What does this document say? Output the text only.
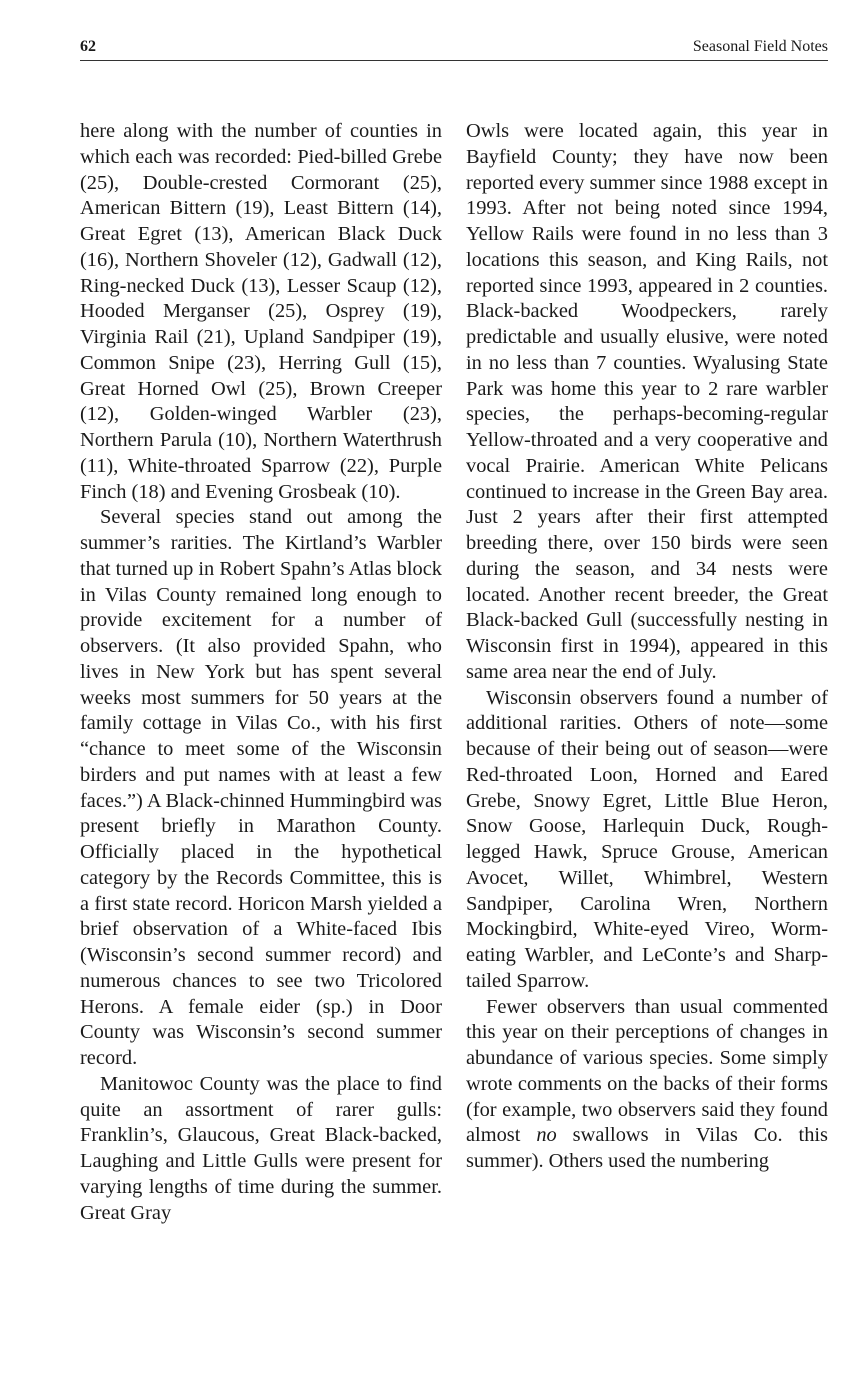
62	Seasonal Field Notes

here along with the number of counties in which each was recorded: Pied-billed Grebe (25), Double-crested Cormorant (25), American Bittern (19), Least Bittern (14), Great Egret (13), American Black Duck (16), Northern Shoveler (12), Gadwall (12), Ring-necked Duck (13), Lesser Scaup (12), Hooded Merganser (25), Osprey (19), Virginia Rail (21), Upland Sandpiper (19), Common Snipe (23), Herring Gull (15), Great Horned Owl (25), Brown Creeper (12), Golden-winged Warbler (23), Northern Parula (10), Northern Waterthrush (11), White-throated Sparrow (22), Purple Finch (18) and Evening Grosbeak (10).

Several species stand out among the summer’s rarities. The Kirtland’s Warbler that turned up in Robert Spahn’s Atlas block in Vilas County remained long enough to provide excitement for a number of observers. (It also provided Spahn, who lives in New York but has spent several weeks most summers for 50 years at the family cottage in Vilas Co., with his first “chance to meet some of the Wisconsin birders and put names with at least a few faces.”) A Black-chinned Hummingbird was present briefly in Marathon County. Officially placed in the hypothetical category by the Records Committee, this is a first state record. Horicon Marsh yielded a brief observation of a White-faced Ibis (Wisconsin’s second summer record) and numerous chances to see two Tricolored Herons. A female eider (sp.) in Door County was Wisconsin’s second summer record.

Manitowoc County was the place to find quite an assortment of rarer gulls: Franklin’s, Glaucous, Great Black-backed, Laughing and Little Gulls were present for varying lengths of time during the summer. Great Gray

Owls were located again, this year in Bayfield County; they have now been reported every summer since 1988 except in 1993. After not being noted since 1994, Yellow Rails were found in no less than 3 locations this season, and King Rails, not reported since 1993, appeared in 2 counties. Black-backed Woodpeckers, rarely predictable and usually elusive, were noted in no less than 7 counties. Wyalusing State Park was home this year to 2 rare warbler species, the perhaps-becoming-regular Yellow-throated and a very cooperative and vocal Prairie. American White Pelicans continued to increase in the Green Bay area. Just 2 years after their first attempted breeding there, over 150 birds were seen during the season, and 34 nests were located. Another recent breeder, the Great Black-backed Gull (successfully nesting in Wisconsin first in 1994), appeared in this same area near the end of July.

Wisconsin observers found a number of additional rarities. Others of note—some because of their being out of season—were Red-throated Loon, Horned and Eared Grebe, Snowy Egret, Little Blue Heron, Snow Goose, Harlequin Duck, Rough-legged Hawk, Spruce Grouse, American Avocet, Willet, Whimbrel, Western Sandpiper, Carolina Wren, Northern Mockingbird, White-eyed Vireo, Worm-eating Warbler, and LeConte’s and Sharp-tailed Sparrow.

Fewer observers than usual commented this year on their perceptions of changes in abundance of various species. Some simply wrote comments on the backs of their forms (for example, two observers said they found almost no swallows in Vilas Co. this summer). Others used the numbering
